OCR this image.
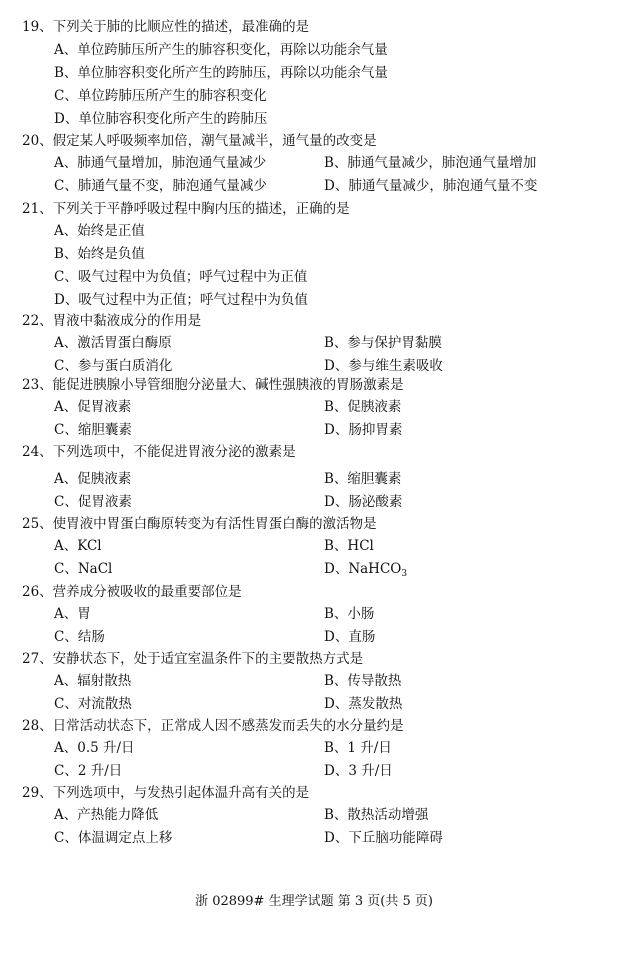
19、下列关于肺的比顺应性的描述，最准确的是
A、单位跨肺压所产生的肺容积变化，再除以功能余气量
B、单位肺容积变化所产生的跨肺压，再除以功能余气量
C、单位跨肺压所产生的肺容积变化
D、单位肺容积变化所产生的跨肺压
20、假定某人呼吸频率加倍，潮气量减半，通气量的改变是
A、肺通气量增加，肺泡通气量减少	B、肺通气量减少，肺泡通气量增加
C、肺通气量不变，肺泡通气量减少	D、肺通气量减少，肺泡通气量不变
21、下列关于平静呼吸过程中胸内压的描述，正确的是
A、始终是正值
B、始终是负值
C、吸气过程中为负值；呼气过程中为正值
D、吸气过程中为正值；呼气过程中为负值
22、胃液中黏液成分的作用是
A、激活胃蛋白酶原	B、参与保护胃黏膜
C、参与蛋白质消化	D、参与维生素吸收
23、能促进胰腺小导管细胞分泌量大、碱性强胰液的胃肠激素是
A、促胃液素	B、促胰液素
C、缩胆囊素	D、肠抑胃素
24、下列选项中，不能促进胃液分泌的激素是
A、促胰液素	B、缩胆囊素
C、促胃液素	D、肠泌酸素
25、使胃液中胃蛋白酶原转变为有活性胃蛋白酶的激活物是
A、KCl	B、HCl
C、NaCl	D、NaHCO$_3$
26、营养成分被吸收的最重要部位是
A、胃	B、小肠
C、结肠	D、直肠
27、安静状态下，处于适宜室温条件下的主要散热方式是
A、辐射散热	B、传导散热
C、对流散热	D、蒸发散热
28、日常活动状态下，正常成人因不感蒸发而丢失的水分量约是
A、0.5 升/日	B、1 升/日
C、2 升/日	D、3 升/日
29、下列选项中，与发热引起体温升高有关的是
A、产热能力降低	B、散热活动增强
C、体温调定点上移	D、下丘脑功能障碍
浙 02899# 生理学试题 第 3 页(共 5 页)
